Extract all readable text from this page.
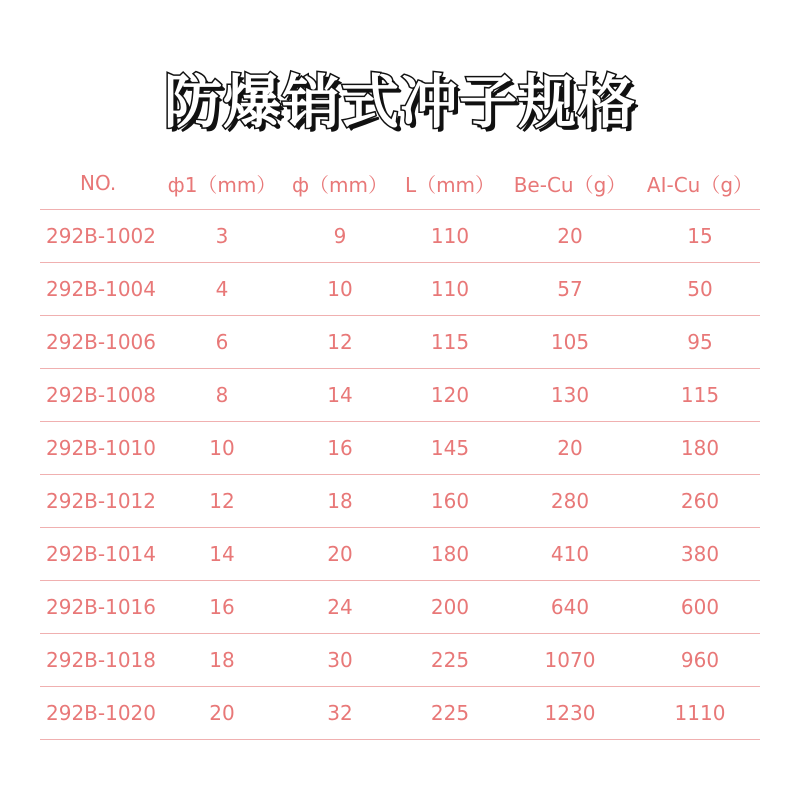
防爆销式冲子规格
NO.	ф1（mm）	ф（mm）	L（mm）	Be-Cu（g）	AI-Cu（g）
292B-1002	3	9	110	20	15
292B-1004	4	10	110	57	50
292B-1006	6	12	115	105	95
292B-1008	8	14	120	130	115
292B-1010	10	16	145	20	180
292B-1012	12	18	160	280	260
292B-1014	14	20	180	410	380
292B-1016	16	24	200	640	600
292B-1018	18	30	225	1070	960
292B-1020	20	32	225	1230	1110
